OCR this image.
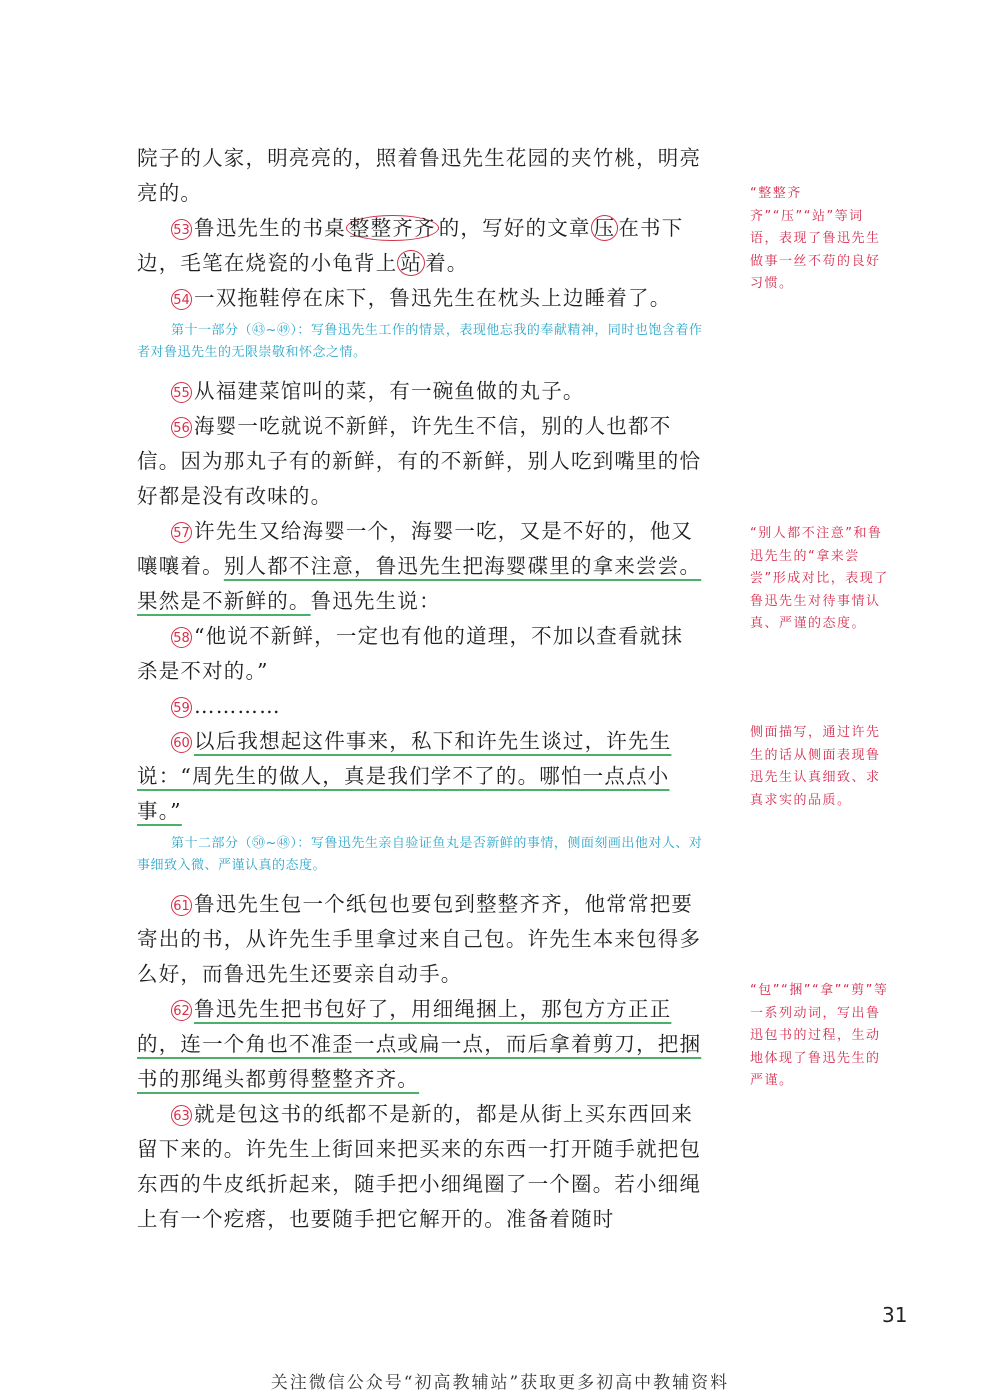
院子的人家，明亮亮的，照着鲁迅先生花园的夹竹桃，明亮亮的。
53 鲁迅先生的书桌 整整齐齐 的，写好的文章 压 在书下边，毛笔在烧瓷的小龟背上 站 着。
54 一双拖鞋停在床下，鲁迅先生在枕头上边睡着了。
第十一部分（㊸~㊾）：写鲁迅先生工作的情景，表现他忘我的奉献精神，同时也饱含着作者对鲁迅先生的无限崇敬和怀念之情。
55 从福建菜馆叫的菜，有一碗鱼做的丸子。
56 海婴一吃就说不新鲜，许先生不信，别的人也都不信。因为那丸子有的新鲜，有的不新鲜，别人吃到嘴里的恰好都是没有改味的。
57 许先生又给海婴一个，海婴一吃，又是不好的，他又嚷嚷着。别人都不注意，鲁迅先生把海婴碟里的拿来尝尝。果然是不新鲜的。鲁迅先生说：
58 “他说不新鲜，一定也有他的道理，不加以查看就抹杀是不对的。”
59 …………
60 以后我想起这件事来，私下和许先生谈过，许先生说：“周先生的做人，真是我们学不了的。哪怕一点点小事。”
第十二部分（㊿~㊽）：写鲁迅先生亲自验证鱼丸是否新鲜的事情，侧面刻画出他对人、对事细致入微、严谨认真的态度。
61 鲁迅先生包一个纸包也要包到整整齐齐，他常常把要寄出的书，从许先生手里拿过来自己包。许先生本来包得多么好，而鲁迅先生还要亲自动手。
62 鲁迅先生把书包好了，用细绳捆上，那包方方正正的，连一个角也不准歪一点或扁一点，而后拿着剪刀，把捆书的那绳头都剪得整整齐齐。
63 就是包这书的纸都不是新的，都是从街上买东西回来留下来的。许先生上街回来把买来的东西一打开随手就把包东西的牛皮纸折起来，随手把小细绳圈了一个圈。若小细绳上有一个疙瘩，也要随手把它解开的。准备着随时
“整整齐齐”“压”“站”等词语，表现了鲁迅先生做事一丝不苟的良好习惯。
“别人都不注意”和鲁迅先生的“拿来尝尝”形成对比，表现了鲁迅先生对待事情认真、严谨的态度。
侧面描写，通过许先生的话从侧面表现鲁迅先生认真细致、求真求实的品质。
“包”“捆”“拿”“剪”等一系列动词，写出鲁迅包书的过程，生动地体现了鲁迅先生的严谨。
31
关注微信公众号“初高教辅站”获取更多初高中教辅资料
